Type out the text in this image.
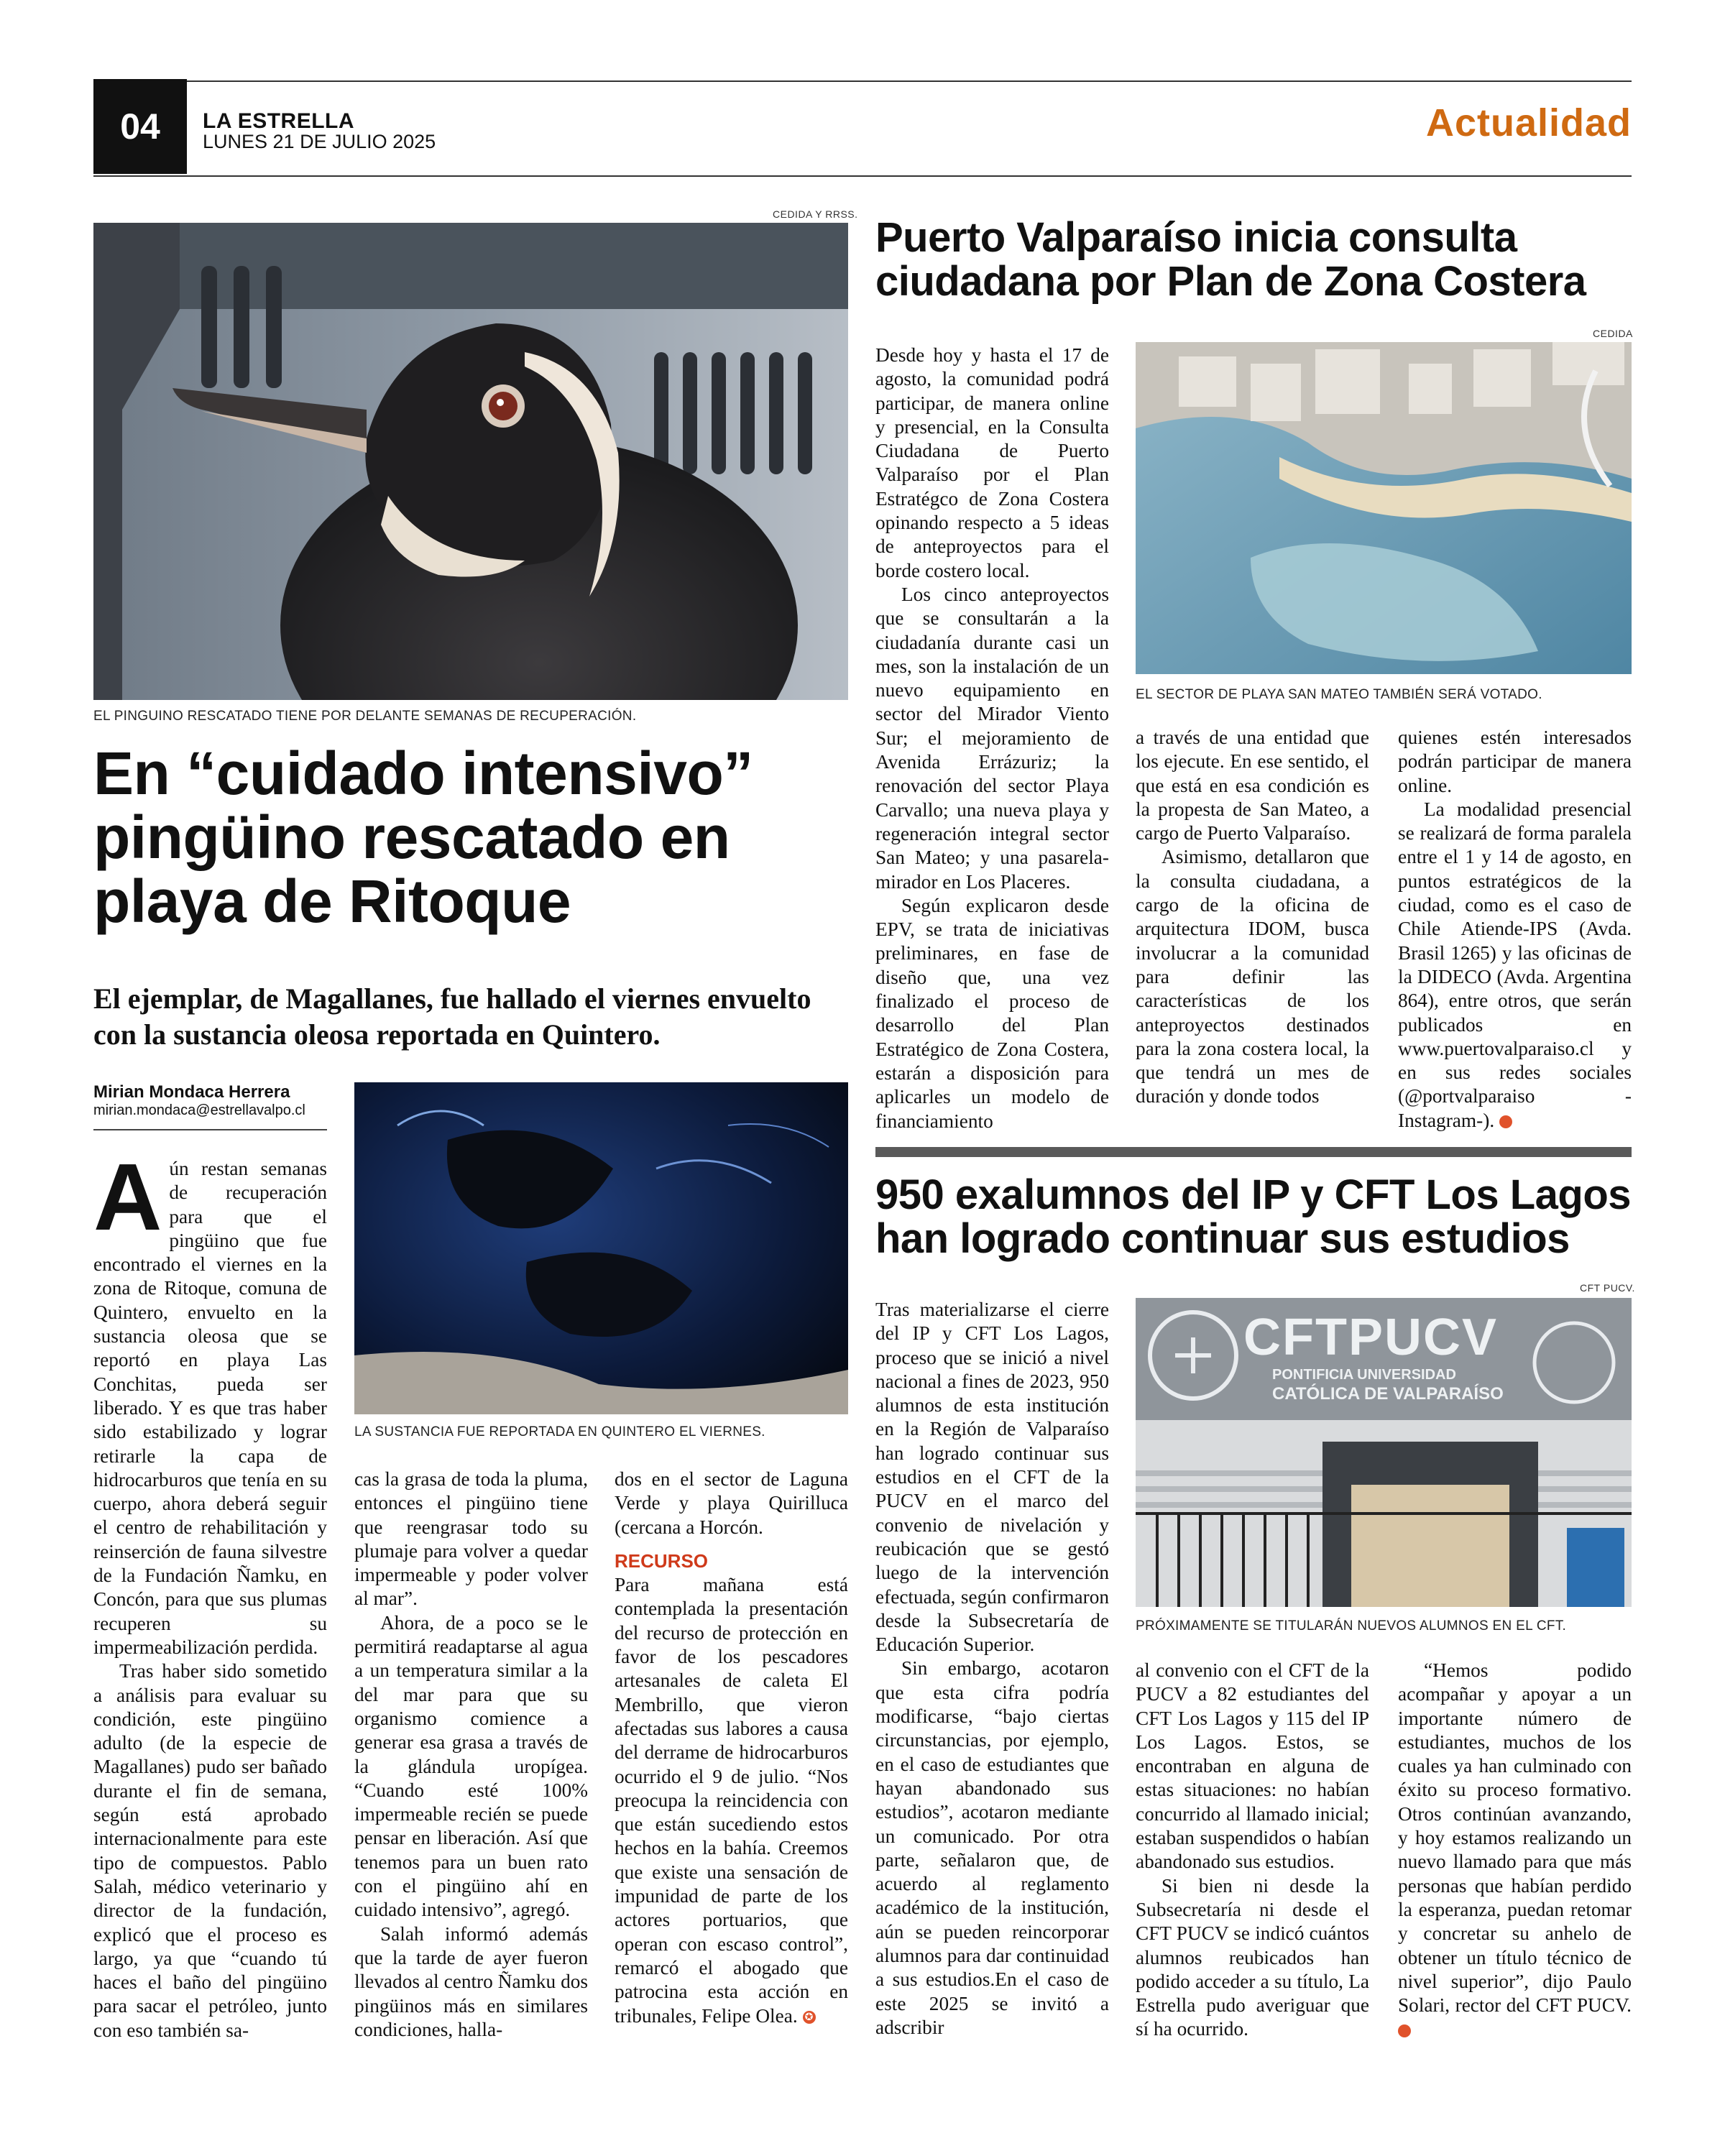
04	LA ESTRELLA
LUNES 21 DE JULIO 2025	Actualidad
CEDIDA Y RRSS.
EL PINGUINO RESCATADO TIENE POR DELANTE SEMANAS DE RECUPERACIÓN.
En “cuidado intensivo” pingüino rescatado en playa de Ritoque
El ejemplar, de Magallanes, fue hallado el viernes envuelto con la sustancia oleosa reportada en Quintero.
Mirian Mondaca Herrera
mirian.mondaca@estrellavalpo.cl
LA SUSTANCIA FUE REPORTADA EN QUINTERO EL VIERNES.

Aún restan semanas de recuperación para que el pingüino que fue encontrado el viernes en la zona de Ritoque, comuna de Quintero, envuelto en la sustancia oleosa que se reportó en playa Las Conchitas, pueda ser liberado. Y es que tras haber sido estabilizado y lograr retirarle la capa de hidrocarburos que tenía en su cuerpo, ahora deberá seguir el centro de rehabilitación y reinserción de fauna silvestre de la Fundación Ñamku, en Concón, para que sus plumas recuperen su impermeabilización perdida.

Tras haber sido sometido a análisis para evaluar su condición, este pingüino adulto (de la especie de Magallanes) pudo ser bañado durante el fin de semana, según está aprobado internacionalmente para este tipo de compuestos. Pablo Salah, médico veterinario y director de la fundación, explicó que el proceso es largo, ya que “cuando tú haces el baño del pingüino para sacar el petróleo, junto con eso también sa-

cas la grasa de toda la pluma, entonces el pingüino tiene que reengrasar todo su plumaje para volver a quedar impermeable y poder volver al mar”.

Ahora, de a poco se le permitirá readaptarse al agua a un temperatura similar a la del mar para que su organismo comience a generar esa grasa a través de la glándula uropígea. “Cuando esté 100% impermeable recién se puede pensar en liberación. Así que tenemos para un buen rato con el pingüino ahí en cuidado intensivo”, agregó.

Salah informó además que la tarde de ayer fueron llevados al centro Ñamku dos pingüinos más en similares condiciones, halla-

dos en el sector de Laguna Verde y playa Quirilluca (cercana a Horcón.

RECURSO

Para mañana está contemplada la presentación del recurso de protección en favor de los pescadores artesanales de caleta El Membrillo, que vieron afectadas sus labores a causa del derrame de hidrocarburos ocurrido el 9 de julio. “Nos preocupa la reincidencia con que están sucediendo estos hechos en la bahía. Creemos que existe una sensación de impunidad de parte de los actores portuarios, que operan con escaso control”, remarcó el abogado que patrocina esta acción en tribunales, Felipe Olea. ✪

Puerto Valparaíso inicia consulta ciudadana por Plan de Zona Costera
CEDIDA
EL SECTOR DE PLAYA SAN MATEO TAMBIÉN SERÁ VOTADO.

Desde hoy y hasta el 17 de agosto, la comunidad podrá participar, de manera online y presencial, en la Consulta Ciudadana de Puerto Valparaíso por el Plan Estratégco de Zona Costera opinando respecto a 5 ideas de anteproyectos para el borde costero local.

Los cinco anteproyectos que se consultarán a la ciudadanía durante casi un mes, son la instalación de un nuevo equipamiento en sector del Mirador Viento Sur; el mejoramiento de Avenida Errázuriz; la renovación del sector Playa Carvallo; una nueva playa y regeneración integral sector San Mateo; y una pasarela-mirador en Los Placeres.

Según explicaron desde EPV, se trata de iniciativas preliminares, en fase de diseño que, una vez finalizado el proceso de desarrollo del Plan Estratégico de Zona Costera, estarán a disposición para aplicarles un modelo de financiamiento

a través de una entidad que los ejecute. En ese sentido, el que está en esa condición es la propesta de San Mateo, a cargo de Puerto Valparaíso.

Asimismo, detallaron que la consulta ciudadana, a cargo de la oficina de arquitectura IDOM, busca involucrar a la comunidad para definir las características de los anteproyectos destinados para la zona costera local, la que tendrá un mes de duración y donde todos

quienes estén interesados podrán participar de manera online.

La modalidad presencial se realizará de forma paralela entre el 1 y 14 de agosto, en puntos estratégicos de la ciudad, como es el caso de Chile Atiende-IPS (Avda. Brasil 1265) y las oficinas de la DIDECO (Avda. Argentina 864), entre otros, que serán publicados en www.puertovalparaiso.cl y en sus redes sociales (@portvalparaiso -Instagram-).	✪

950 exalumnos del IP y CFT Los Lagos han logrado continuar sus estudios
CFT PUCV.
CFTPUCV
PONTIFICIA UNIVERSIDAD
CATÓLICA DE VALPARAÍSO
PRÓXIMAMENTE SE TITULARÁN NUEVOS ALUMNOS EN EL CFT.

Tras materializarse el cierre del IP y CFT Los Lagos, proceso que se inició a nivel nacional a fines de 2023, 950 alumnos de esta institución en la Región de Valparaíso han logrado continuar sus estudios en el CFT de la PUCV en el marco del convenio de nivelación y reubicación que se gestó luego de la intervención efectuada, según confirmaron desde la Subsecretaría de Educación Superior.

Sin embargo, acotaron que esta cifra podría modificarse, “bajo ciertas circunstancias, por ejemplo, en el caso de estudiantes que hayan abandonado sus estudios”, acotaron mediante un comunicado. Por otra parte, señalaron que, de acuerdo al reglamento académico de la institución, aún se pueden reincorporar alumnos para dar continuidad a sus estudios.En el caso de este 2025 se invitó a adscribir

al convenio con el CFT de la PUCV a 82 estudiantes del CFT Los Lagos y 115 del IP Los Lagos. Estos, se encontraban en alguna de estas situaciones: no habían concurrido al llamado inicial; estaban suspendidos o habían abandonado sus estudios.

Si bien ni desde la Subsecretaría ni desde el CFT PUCV se indicó cuántos alumnos reubicados han podido acceder a su título, La Estrella pudo averiguar que sí ha ocurrido.

“Hemos podido acompañar y apoyar a un importante número de estudiantes, muchos de los cuales ya han culminado con éxito su proceso formativo. Otros continúan avanzando, y hoy estamos realizando un nuevo llamado para que más personas que habían perdido la esperanza, puedan retomar y concretar su anhelo de obtener un título técnico de nivel superior”, dijo Paulo Solari, rector del CFT PUCV. ✪
